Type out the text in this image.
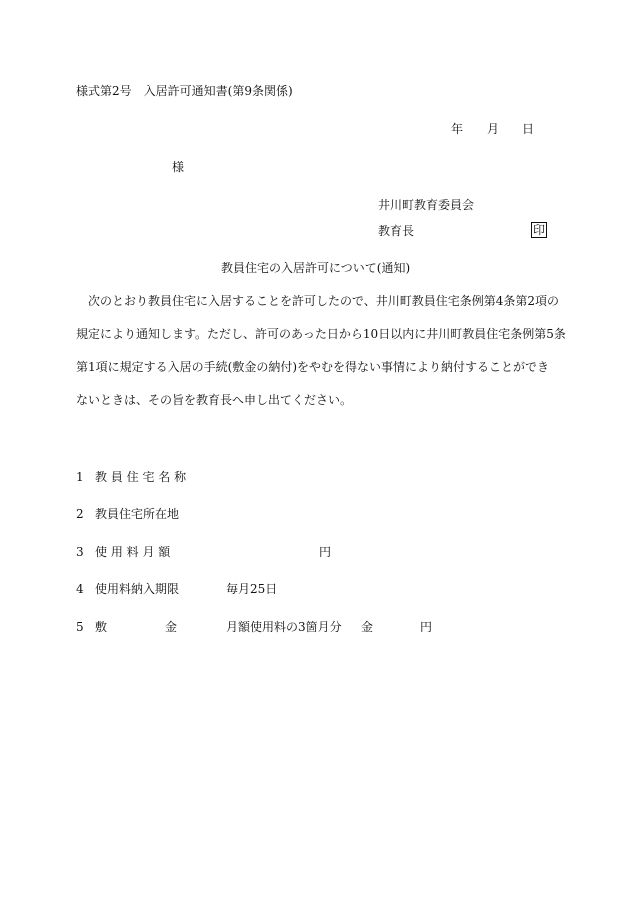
様式第2号　入居許可通知書(第9条関係)
年 月 日
様
井川町教育委員会
教育長	印
教員住宅の入居許可について(通知)
　次のとおり教員住宅に入居することを許可したので、井川町教員住宅条例第4条第2項の
規定により通知します。ただし、許可のあった日から10日以内に井川町教員住宅条例第5条
第1項に規定する入居の手続(敷金の納付)をやむを得ない事情により納付することができ
ないときは、その旨を教育長へ申し出てください。
1 教 員 住 宅 名 称
2 教員住宅所在地
3 使 用 料 月 額	円
4 使用料納入期限	毎月25日
5 敷	金	月額使用料の3箇月分 金	円
